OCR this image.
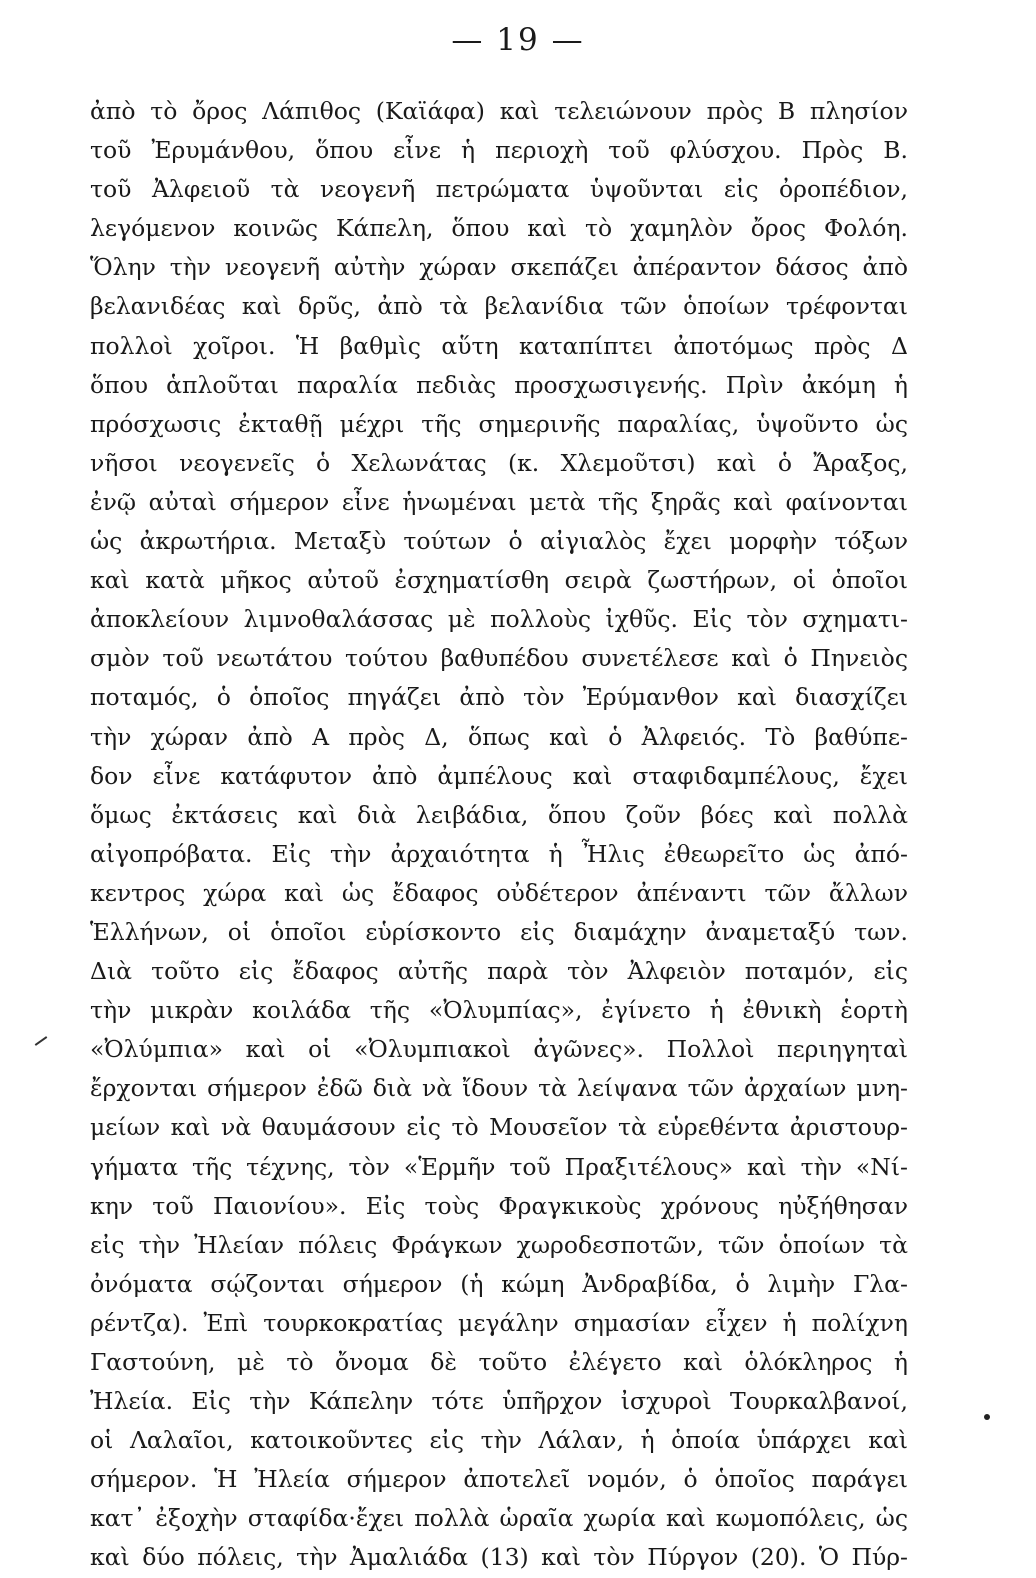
— 19 —
ἀπὸ τὸ ὄρος Λάπιθος (Καϊάφα) καὶ τελειώνουν πρὸς Β πλησίον
τοῦ Ἐρυμάνθου, ὅπου εἶνε ἡ περιοχὴ τοῦ φλύσχου. Πρὸς Β.
τοῦ Ἀλφειοῦ τὰ νεογενῆ πετρώματα ὑψοῦνται εἰς ὀροπέδιον,
λεγόμενον κοινῶς Κάπελη, ὅπου καὶ τὸ χαμηλὸν ὄρος Φολόη.
Ὅλην τὴν νεογενῆ αὐτὴν χώραν σκεπάζει ἀπέραντον δάσος ἀπὸ
βελανιδέας καὶ δρῦς, ἀπὸ τὰ βελανίδια τῶν ὁποίων τρέφονται
πολλοὶ χοῖροι. Ἡ βαθμὶς αὕτη καταπίπτει ἀποτόμως πρὸς Δ
ὅπου ἁπλοῦται παραλία πεδιὰς προσχωσιγενής. Πρὶν ἀκόμη ἡ
πρόσχωσις ἐκταθῇ μέχρι τῆς σημερινῆς παραλίας, ὑψοῦντο ὡς
νῆσοι νεογενεῖς ὁ Χελωνάτας (κ. Χλεμοῦτσι) καὶ ὁ Ἄραξος,
ἐνῷ αὐταὶ σήμερον εἶνε ἡνωμέναι μετὰ τῆς ξηρᾶς καὶ φαίνονται
ὡς ἀκρωτήρια. Μεταξὺ τούτων ὁ αἰγιαλὸς ἔχει μορφὴν τόξων
καὶ κατὰ μῆκος αὐτοῦ ἐσχηματίσθη σειρὰ ζωστήρων, οἱ ὁποῖοι
ἀποκλείουν λιμνοθαλάσσας μὲ πολλοὺς ἰχθῦς. Εἰς τὸν σχηματι-
σμὸν τοῦ νεωτάτου τούτου βαθυπέδου συνετέλεσε καὶ ὁ Πηνειὸς
ποταμός, ὁ ὁποῖος πηγάζει ἀπὸ τὸν Ἐρύμανθον καὶ διασχίζει
τὴν χώραν ἀπὸ Α πρὸς Δ, ὅπως καὶ ὁ Ἀλφειός. Τὸ βαθύπε-
δον εἶνε κατάφυτον ἀπὸ ἀμπέλους καὶ σταφιδαμπέλους, ἔχει
ὅμως ἐκτάσεις καὶ διὰ λειβάδια, ὅπου ζοῦν βόες καὶ πολλὰ
αἰγοπρόβατα. Εἰς τὴν ἀρχαιότητα ἡ Ἦλις ἐθεωρεῖτο ὡς ἀπό-
κεντρος χώρα καὶ ὡς ἔδαφος οὐδέτερον ἀπέναντι τῶν ἄλλων
Ἑλλήνων, οἱ ὁποῖοι εὑρίσκοντο εἰς διαμάχην ἀναμεταξύ των.
Διὰ τοῦτο εἰς ἔδαφος αὐτῆς παρὰ τὸν Ἀλφειὸν ποταμόν, εἰς
τὴν μικρὰν κοιλάδα τῆς «Ὀλυμπίας», ἐγίνετο ἡ ἐθνικὴ ἑορτὴ
«Ὀλύμπια» καὶ οἱ «Ὀλυμπιακοὶ ἀγῶνες». Πολλοὶ περιηγηταὶ
ἔρχονται σήμερον ἐδῶ διὰ νὰ ἴδουν τὰ λείψανα τῶν ἀρχαίων μνη-
μείων καὶ νὰ θαυμάσουν εἰς τὸ Μουσεῖον τὰ εὑρεθέντα ἀριστουρ-
γήματα τῆς τέχνης, τὸν «Ἑρμῆν τοῦ Πραξιτέλους» καὶ τὴν «Νί-
κην τοῦ Παιονίου». Εἰς τοὺς Φραγκικοὺς χρόνους ηὐξήθησαν
εἰς τὴν Ἠλείαν πόλεις Φράγκων χωροδεσποτῶν, τῶν ὁποίων τὰ
ὀνόματα σῴζονται σήμερον (ἡ κώμη Ἀνδραβίδα, ὁ λιμὴν Γλα-
ρέντζα). Ἐπὶ τουρκοκρατίας μεγάλην σημασίαν εἶχεν ἡ πολίχνη
Γαστούνη, μὲ τὸ ὄνομα δὲ τοῦτο ἐλέγετο καὶ ὁλόκληρος ἡ
Ἠλεία. Εἰς τὴν Κάπελην τότε ὑπῆρχον ἰσχυροὶ Τουρκαλβανοί,
οἱ Λαλαῖοι, κατοικοῦντες εἰς τὴν Λάλαν, ἡ ὁποία ὑπάρχει καὶ
σήμερον. Ἡ Ἠλεία σήμερον ἀποτελεῖ νομόν, ὁ ὁποῖος παράγει
κατ᾽ ἐξοχὴν σταφίδα·ἔχει πολλὰ ὡραῖα χωρία καὶ κωμοπόλεις, ὡς
καὶ δύο πόλεις, τὴν Ἀμαλιάδα (13) καὶ τὸν Πύργον (20). Ὁ Πύρ-
